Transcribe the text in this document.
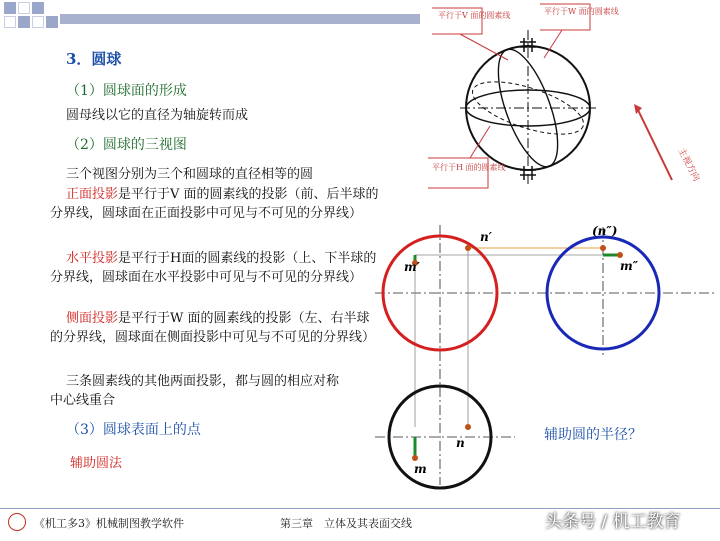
3．圆球
（1）圆球面的形成
圆母线以它的直径为轴旋转而成
（2）圆球的三视图
三个视图分别为三个和圆球的直径相等的圆
正面投影是平行于V 面的圆素线的投影（前、后半球的分界线，圆球面在正面投影中可见与不可见的分界线）
水平投影是平行于H面的圆素线的投影（上、下半球的分界线，圆球面在水平投影中可见与不可见的分界线）
侧面投影是平行于W 面的圆素线的投影（左、右半球的分界线，圆球面在侧面投影中可见与不可见的分界线）
三条圆素线的其他两面投影，都与圆的相应对称中心线重合
（3）圆球表面上的点
辅助圆法
平行于V 面的圆素线	平行于W 面的圆素线
平行于H 面的圆素线	主视方向
n′	(n″)
m′	m″
n
m
辅助圆的半径？
《机工多3》机械制图教学软件	第三章　立体及其表面交线	头条号 / 机工教育
